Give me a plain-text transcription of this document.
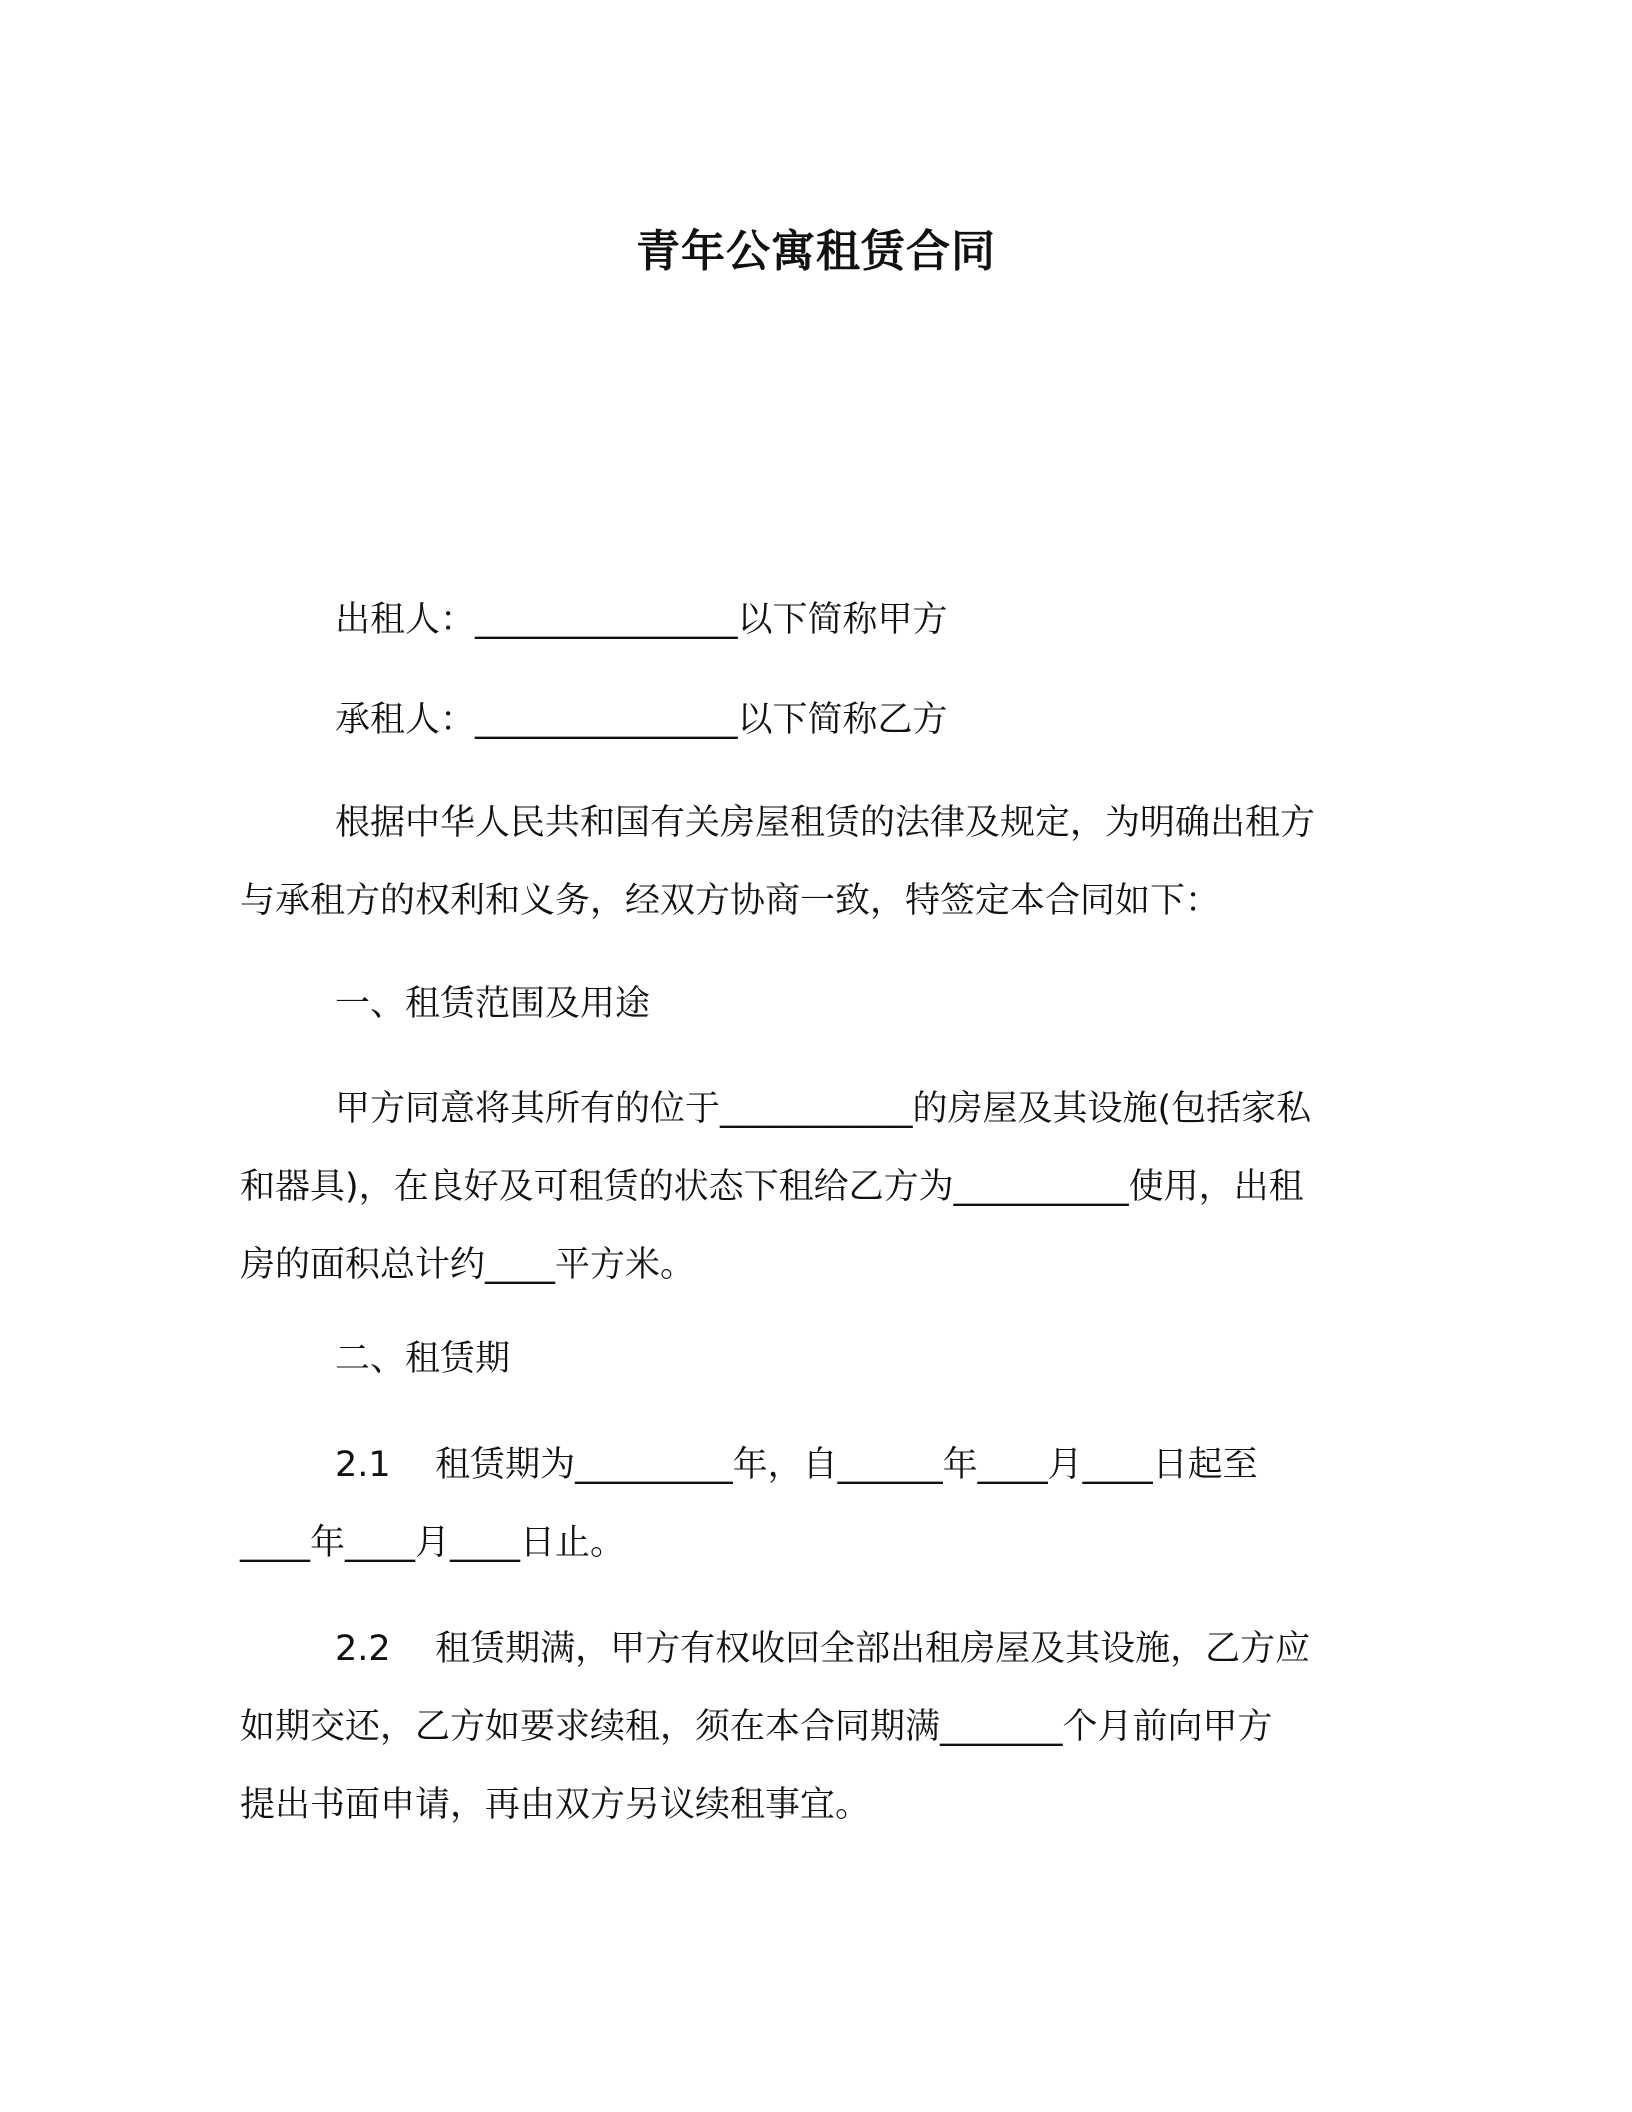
青年公寓租赁合同
出租人：_______________以下简称甲方
承租人：_______________以下简称乙方
根据中华人民共和国有关房屋租赁的法律及规定，为明确出租方
与承租方的权利和义务，经双方协商一致，特签定本合同如下：
一、租赁范围及用途
甲方同意将其所有的位于___________的房屋及其设施(包括家私
和器具)，在良好及可租赁的状态下租给乙方为__________使用，出租
房的面积总计约____平方米。
二、租赁期
2.1    租赁期为_________年，自______年____月____日起至
____年____月____日止。
2.2    租赁期满，甲方有权收回全部出租房屋及其设施，乙方应
如期交还，乙方如要求续租，须在本合同期满_______个月前向甲方
提出书面申请，再由双方另议续租事宜。
